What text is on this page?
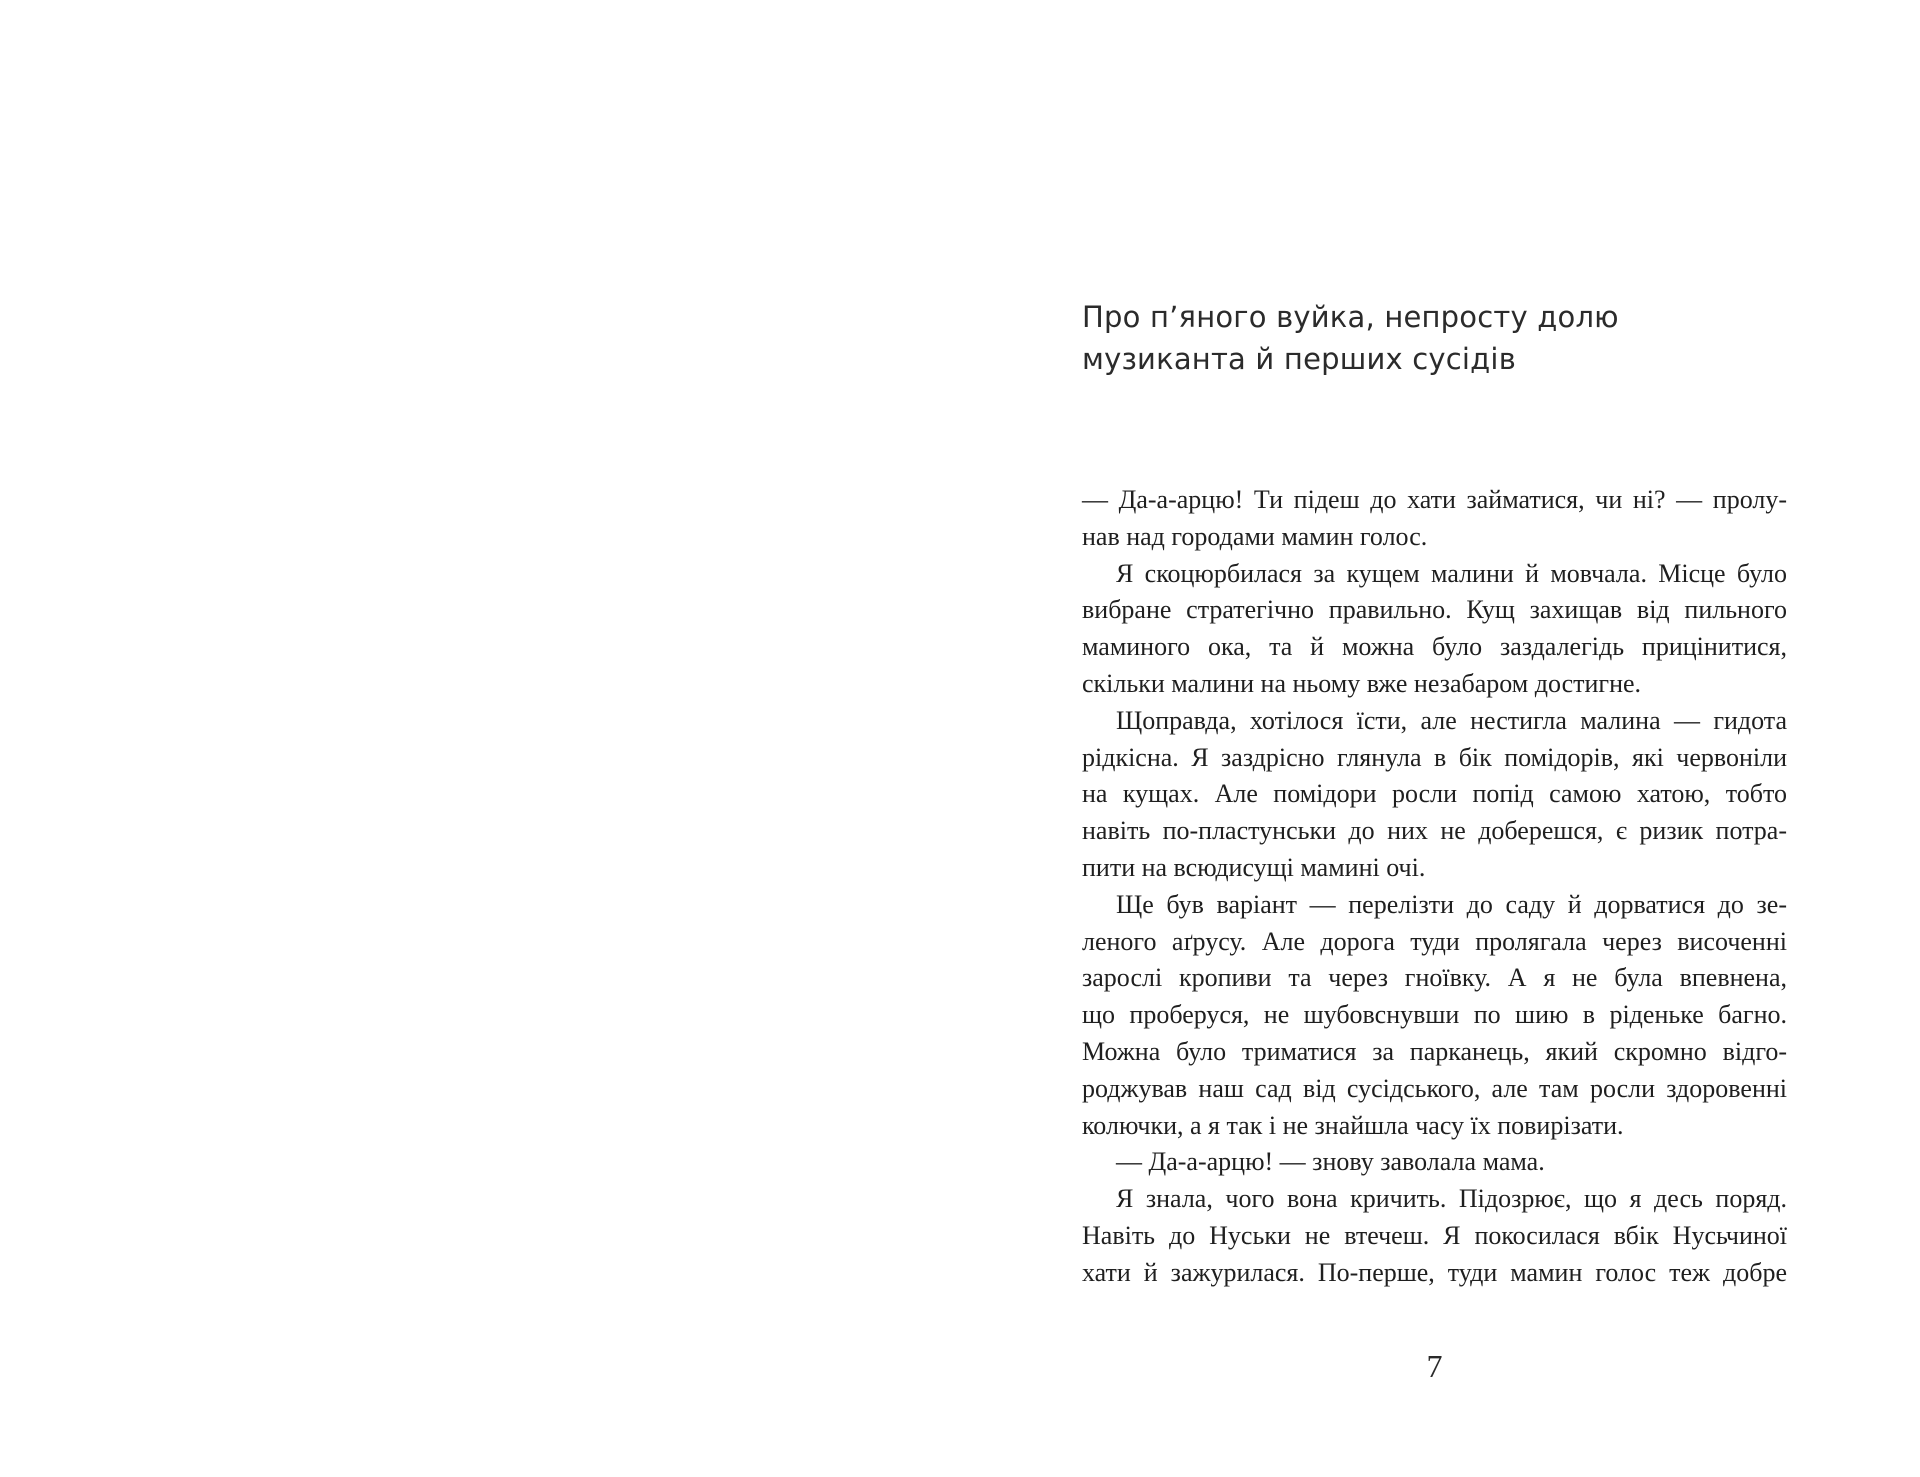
Про п’яного вуйка, непросту долю
музиканта й перших сусідів
— Да-а-арцю! Ти підеш до хати займатися, чи ні? — пролу-
нав над городами мамин голос.
Я скоцюрбилася за кущем малини й мовчала. Місце було
вибране стратегічно правильно. Кущ захищав від пильного
маминого ока, та й можна було заздалегідь прицінитися,
скільки малини на ньому вже незабаром достигне.
Щоправда, хотілося їсти, але нестигла малина — гидота
рідкісна. Я заздрісно глянула в бік помідорів, які червоніли
на кущах. Але помідори росли попід самою хатою, тобто
навіть по-пластунськи до них не доберешся, є ризик потра-
пити на всюдисущі мамині очі.
Ще був варіант — перелізти до саду й дорватися до зе-
леного аґрусу. Але дорога туди пролягала через височенні
зарослі кропиви та через гноївку. А я не була впевнена,
що проберуся, не шубовснувши по шию в ріденьке багно.
Можна було триматися за парканець, який скромно відго-
роджував наш сад від сусідського, але там росли здоровенні
колючки, а я так і не знайшла часу їх повирізати.
— Да-а-арцю! — знову заволала мама.
Я знала, чого вона кричить. Підозрює, що я десь поряд.
Навіть до Нуськи не втечеш. Я покосилася вбік Нусьчиної
хати й зажурилася. По-перше, туди мамин голос теж добре
7
